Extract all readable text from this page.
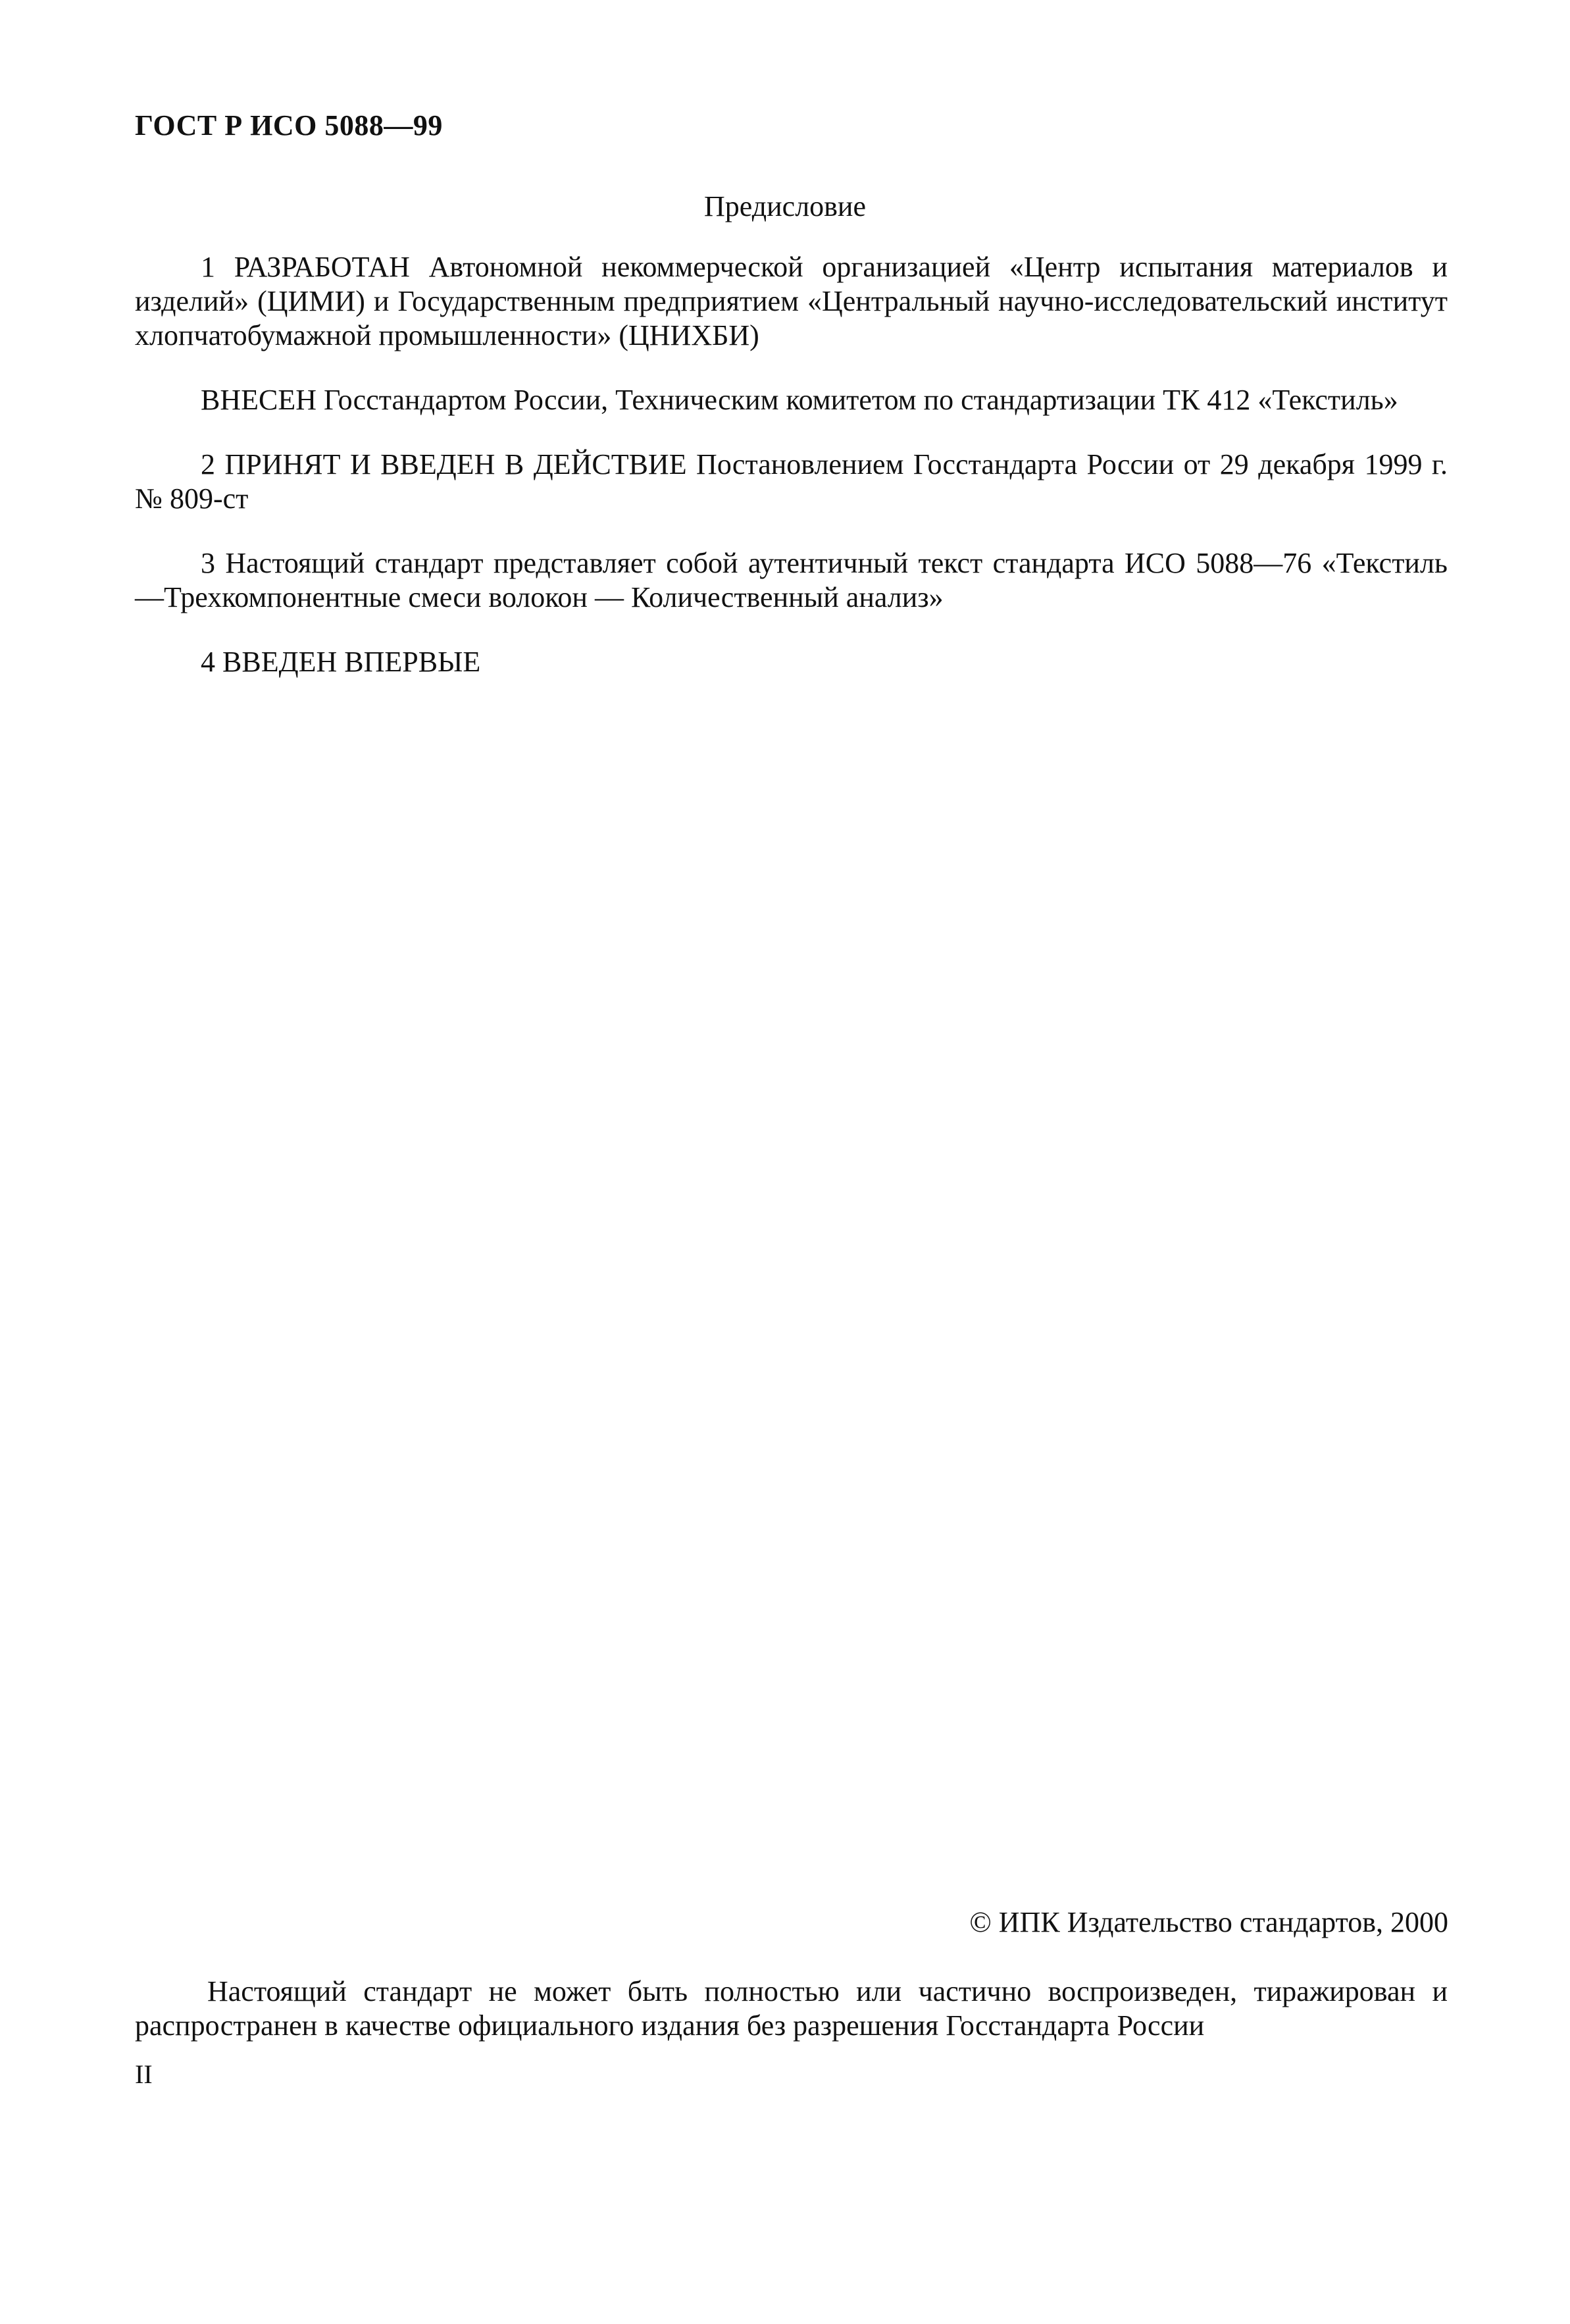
ГОСТ Р ИСО 5088—99
Предисловие

1 РАЗРАБОТАН Автономной некоммерческой организацией «Центр испытания материалов и изделий» (ЦИМИ) и Государственным предприятием «Центральный научно-исследовательский институт хлопчатобумажной промышленности» (ЦНИХБИ)

ВНЕСЕН Госстандартом России, Техническим комитетом по стандартизации ТК 412 «Текстиль»

2 ПРИНЯТ И ВВЕДЕН В ДЕЙСТВИЕ Постановлением Госстандарта России от 29 декабря 1999 г. № 809-ст

3 Настоящий стандарт представляет собой аутентичный текст стандарта ИСО 5088—76 «Текстиль —Трехкомпонентные смеси волокон — Количественный анализ»

4 ВВЕДЕН ВПЕРВЫЕ

© ИПК Издательство стандартов, 2000
Настоящий стандарт не может быть полностью или частично воспроизведен, тиражирован и распространен в качестве официального издания без разрешения Госстандарта России
II
